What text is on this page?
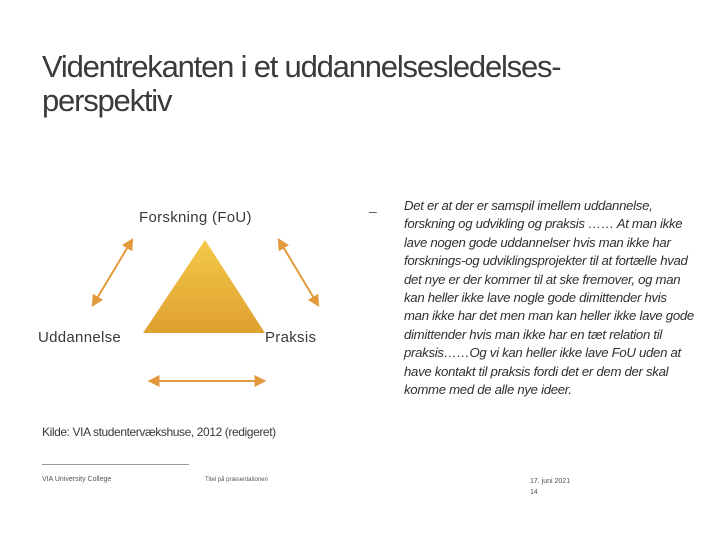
Videntrekanten i et uddannelsesledelses-perspektiv
Forskning (FoU)
Uddannelse	Praksis
Kilde: VIA studentervækshuse, 2012 (redigeret)
– Det er at der er samspil imellem uddannelse, forskning og udvikling og praksis …… At man ikke lave nogen gode uddannelser hvis man ikke har forsknings-og udviklingsprojekter til at fortælle hvad det nye er der kommer til at ske fremover, og man kan heller ikke lave nogle gode dimittender hvis man ikke har det men man kan heller ikke lave gode dimittender hvis man ikke har en tæt relation til praksis……Og vi kan heller ikke lave FoU uden at have kontakt til praksis fordi det er dem der skal komme med de alle nye ideer.
VIA University College	Titel på præsentationen	17. juni 2021
14
